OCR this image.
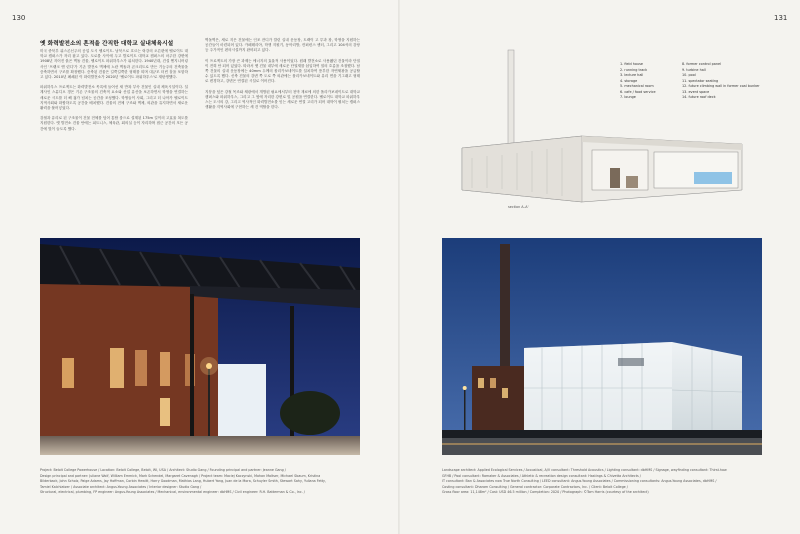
130
옛 화력발전소의 흔적을 간직한 대학교 실내체육시설

미국 중북부 위스콘신주의 공업 도시 벨로이트. 남북으로 흐르는 락강의 오른편에 벨로이트 대학교 캠퍼스가 자리 잡고 있다. 도로를 사이에 두고 발로이트 대학교 캠퍼스의 마주한 강변에 1908년 지어진 붉은 벽돌 건물, 벨로이트 파워하우스가 위치한다. 1940년대, 건설 엔지니어링사인 '프랭크 앤 린디'가 기존 발전소 벽체에 노란 벽돌과 콘크리트로 만든 기능주의 건축물을 증축하면서 구조를 확장했다. 증축된 건물은 길쭉길쭉한 형태를 띠며 대규모 터빈 홀을 포함하고 있다. 2010년 폐쇄된 이 화력발전소가 2020년 '벨로이트 파워하우스'로 재탄생했다.

파워하우스 프로젝트는 화력발전소 목록에 들어선 새 반복 부속 건물인 실내 체육시설이다. 설계사인 스튜디오 갱은 기존 구조물의 건축적 요소와 산업 유산을 보존하면서 학생을 연결하는 새로운 시도를 더 해 젊가 넘치는 공간을 조성했다. 학생들이 사회, 그리고 더 나아가 벨로이트 지역사회와 화합하도록 공간을 배치했다. 건물의 전체 구조와 벽체, 외관을 유지하면서 새로운 활력을 불어넣었다.

강철과 유리로 된 구조물이 건물 전체를 덮어 통합 룸으로 설계된 175m 길이의 고효율 복도를 지원한다. 옛 발전소 건물 안에는 피트니스, 체육관, 회의실 등이 자리하며 접근 공간의 모든 공간에 빛이 들도록 했다.

벽돌벽은, 새로 지은 건물에는 인조 잔디가 깔린 실내 운동장, 트랙이 고 투과 창, 학생을 지원하는 공간들이 마련되어 있다. 카페테리아, 학생 지원기, 동아리방, 컨퍼런스 센터, 그리고 104석의 강당 등 주가적인 편의시설까지 완비되고 있다.

이 프로젝트의 가장 큰 과제는 에너지의 효율적 사용이었다. 원래 발전소로 사용됐던 건물이라 단열이 전혀 안 되어 있었다. 따라서 옛 건물 내부에 새로운 단열재를 삽입하여 열의 흐름을 조절했다. 남쪽 건물의 실내 운동장에는 40mm 두께의 폴리카보네이트를 설치하여 풍부한 자연채광을 공급할 수 있도록 했다. 신축 건물의 강변 쪽 도로 쪽 외관에는 폴리카보네이트와 유리 면을 기그래고 형태로 변경하고, 강변은 연결된 시설로 이어진다.

지붕을 덮은 강철 목조와 채광에서 개방된 필요에서부터 천막 재료에 의한 폴리카보네이트로 대학교 캠퍼스와 파워하우스, 그리고 그 옆에 자리한 강변로 및 공원을 연결한다. 벨로이트 대학교 파워하우스는 도시의 강, 그리고 역사적인 화력발전소를 잇는 새로운 연결 고리가 되어 대학이 펼치는 캠퍼스 생활을 지역사회에 구현하는 새 건 역할을 한다.

Project: Beloit College Powerhouse / Location: Beloit College, Beloit, WI, USA / Architect: Studio Gang / Founding principal and partner: Jeanne Gang /
Design principal and partner: Juliane Wolf, William Emmick, Mark Schendel, Margaret Cavenagh / Project team: Maciej Kaczynski, Mohan Maltser, Michael Sbaum, Kristina
Bilderback, John Scholz, Paige Adams, Jay Hoffman, Corbin Hewitt, Harry Goodman, Mathias Lang, Hubert Yang, Juan de la Mora, Schuyler Smith, Stewart Sahy, Yuliana Fetty,
Tamiel Kalchiatzer / Associate architect: Angus-Young Associates / Interior designer: Studio Gang /
Structural, electrical, plumbing, FP engineer: Angus-Young Associates / Mechanical, environmental engineer: dbHMS / Civil engineer: R.H. Batterman & Co., Inc. /
131
1. field house
2. running track
3. lecture hall
4. storage
5. mechanical room
6. cafe / food service
7. lounge
8. former control panel
9. turbine hall
10. pool
11. spectator seating
12. future climbing wall in former coal bunker
13. event space
14. future roof deck
section A–A'
Landscape architect: Applied Ecological Services / Acoustical, A/V consultant: Threshold Acoustics / Lighting consultant: dbHMS / Signage, wayfinding consultant: Thirst.how
GFHB / Pool consultant: Ramaker & Associates / Athletic & recreation design consultant: Hastings & Chivetta Architects /
IT consultant: Ban & Associates now True North Consulting / LEED consultant: Angus-Young Associates / Commissioning consultants: Angus-Young Associates, dbHMS /
Costing consultant: Dharam Consulting / General contractor: Corporate Contractors, Inc. / Client: Beloit College /
Gross floor area: 11,148m² / Cost: USD 46.5 million / Completion: 2020 / Photograph: ©Tom Harris (courtesy of the architect)
